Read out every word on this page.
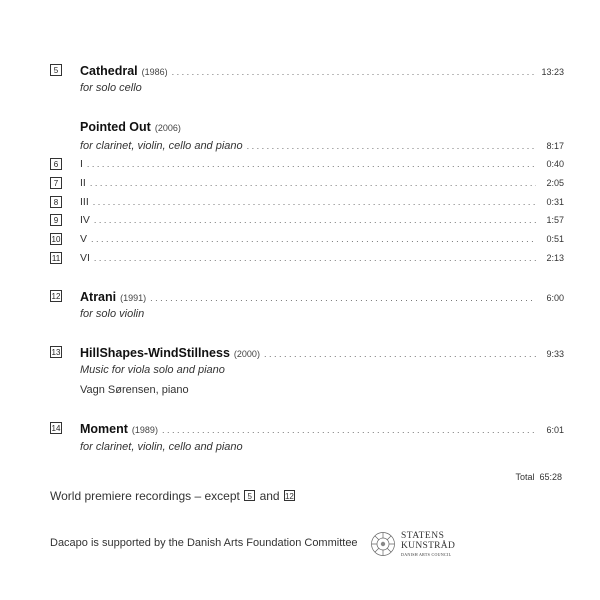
5	Cathedral (1986) . . .	13:23
for solo cello
Pointed Out (2006)
for clarinet, violin, cello and piano . . .	8:17
6	I . . .	0:40
7	II . . .	2:05
8	III . . .	0:31
9	IV . . .	1:57
10 V . . .	0:51
11 VI . . .	2:13
12 Atrani (1991) . . .	6:00
for solo violin
13 HillShapes-WindStillness (2000) . . .	9:33
Music for viola solo and piano
Vagn Sørensen, piano
14 Moment (1989) . . .	6:01
for clarinet, violin, cello and piano
Total 65:28
World premiere recordings – except 5 and 12
Dacapo is supported by the Danish Arts Foundation Committee
STATENS
KUNSTRÅD
DANISH ARTS COUNCIL
